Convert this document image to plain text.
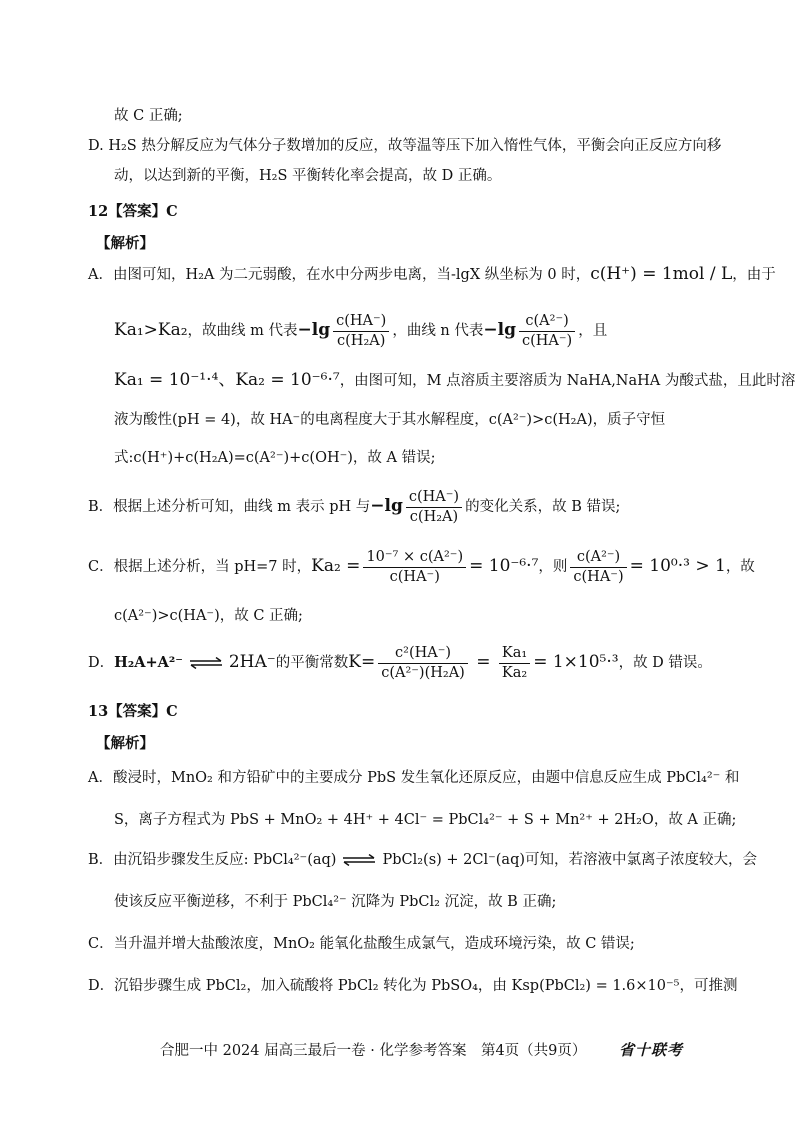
故 C 正确;
D. H₂S 热分解反应为气体分子数增加的反应，故等温等压下加入惰性气体，平衡会向正反应方向移
动，以达到新的平衡，H₂S 平衡转化率会提高，故 D 正确。
12【答案】C
【解析】
A．由图可知，H₂A 为二元弱酸，在水中分两步电离，当-lgX 纵坐标为 0 时，c(H⁺) = 1mol / L，由于
Ka₁>Ka₂，故曲线 m 代表$-\lg \frac{c(HA^-)}{\text{c(H₂A)}}$ ，曲线 n 代表$-\lg \frac{\text{c(A²⁻)}}{c(HA^-)}$ ，且
Ka₁ = 10⁻¹·⁴、Ka₂ = 10⁻⁶·⁷，由图可知，M 点溶质主要溶质为 NaHA,NaHA 为酸式盐，且此时溶
液为酸性(pH = 4)，故 HA⁻的电离程度大于其水解程度，c(A²⁻)>c(H₂A)，质子守恒
式:c(H⁺)+c(H₂A)=c(A²⁻)+c(OH⁻)，故 A 错误;
B．根据上述分析可知，曲线 m 表示 pH 与$-\lg \frac{c(HA^-)}{\text{c(H₂A)}}$ 的变化关系，故 B 错误;
C．根据上述分析，当 pH=7 时，$Ka_2 = \frac{\text{10⁻⁷ × c(A²⁻)}}{c(HA^-)} = 10^{-6}\cdot^7$，则 $\frac{\text{c(A²⁻)}}{c(HA^-)} = 10^0\cdot^3 > 1$，故
c(A²⁻)>c(HA⁻)，故 C 正确;
D．H₂A+A²⁻ ⇌ 2HA⁻的平衡常数$K= \frac{\text{c²(HA⁻)}}{\text{c(A²⁻)(H₂A)}} = \frac{\text{Ka₁}}{\text{Ka₂}} = 1\times 10^5\cdot^3$，故 D 错误。
13【答案】C
【解析】
A．酸浸时，MnO₂ 和方铅矿中的主要成分 PbS 发生氧化还原反应，由题中信息反应生成 PbCl₄²⁻ 和
S，离子方程式为 PbS + MnO₂ + 4H⁺ + 4Cl⁻ = PbCl₄²⁻ + S + Mn²⁺ + 2H₂O，故 A 正确;
B．由沉铅步骤发生反应: PbCl₄²⁻(aq) ⇌ PbCl₂(s) + 2Cl⁻(aq)可知，若溶液中氯离子浓度较大，会
使该反应平衡逆移，不利于 PbCl₄²⁻ 沉降为 PbCl₂ 沉淀，故 B 正确;
C．当升温并增大盐酸浓度，MnO₂ 能氧化盐酸生成氯气，造成环境污染，故 C 错误;
D．沉铅步骤生成 PbCl₂，加入硫酸将 PbCl₂ 转化为 PbSO₄，由 Ksp(PbCl₂) = 1.6×10⁻⁵，可推测
合肥一中 2024 届高三最后一卷 · 化学参考答案　第4页（共9页） 省十联考
